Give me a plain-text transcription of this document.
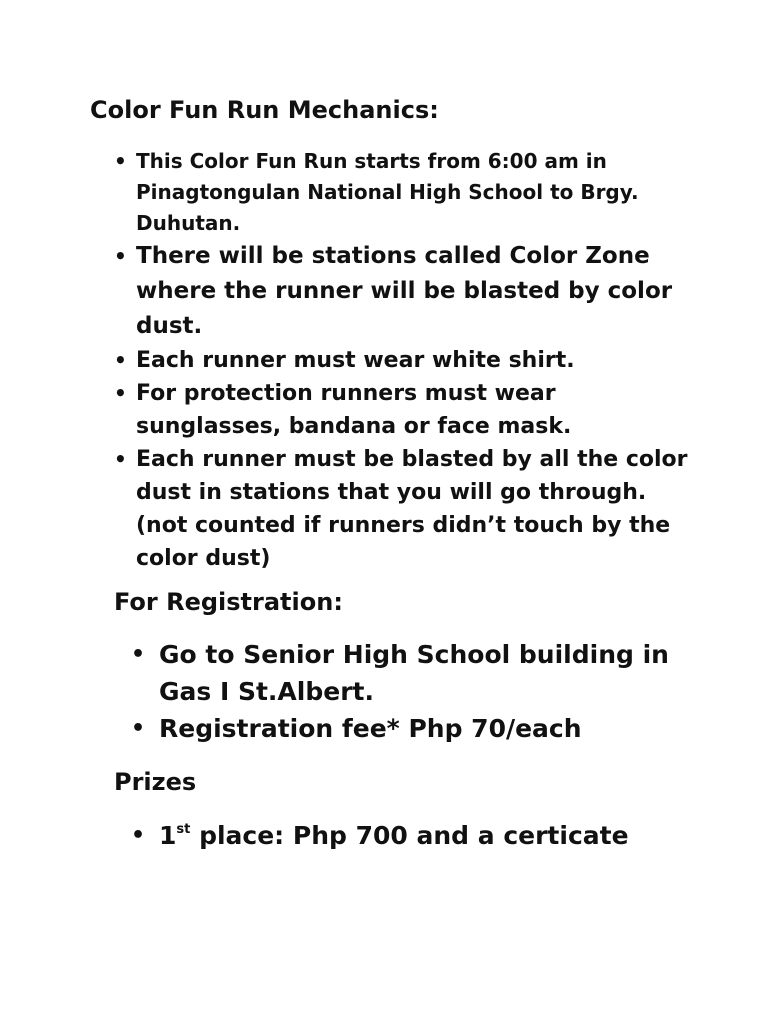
Color Fun Run Mechanics:
• This Color Fun Run starts from 6:00 am in Pinagtongulan National High School to Brgy. Duhutan.
• There will be stations called Color Zone where the runner will be blasted by color dust.
• Each runner must wear white shirt.
• For protection runners must wear sunglasses, bandana or face mask.
• Each runner must be blasted by all the color dust in stations that you will go through. (not counted if runners didn’t touch by the color dust)
For Registration:
• Go to Senior High School building in Gas I St.Albert.
• Registration fee* Php 70/each
Prizes
• 1st place: Php 700 and a certicate
